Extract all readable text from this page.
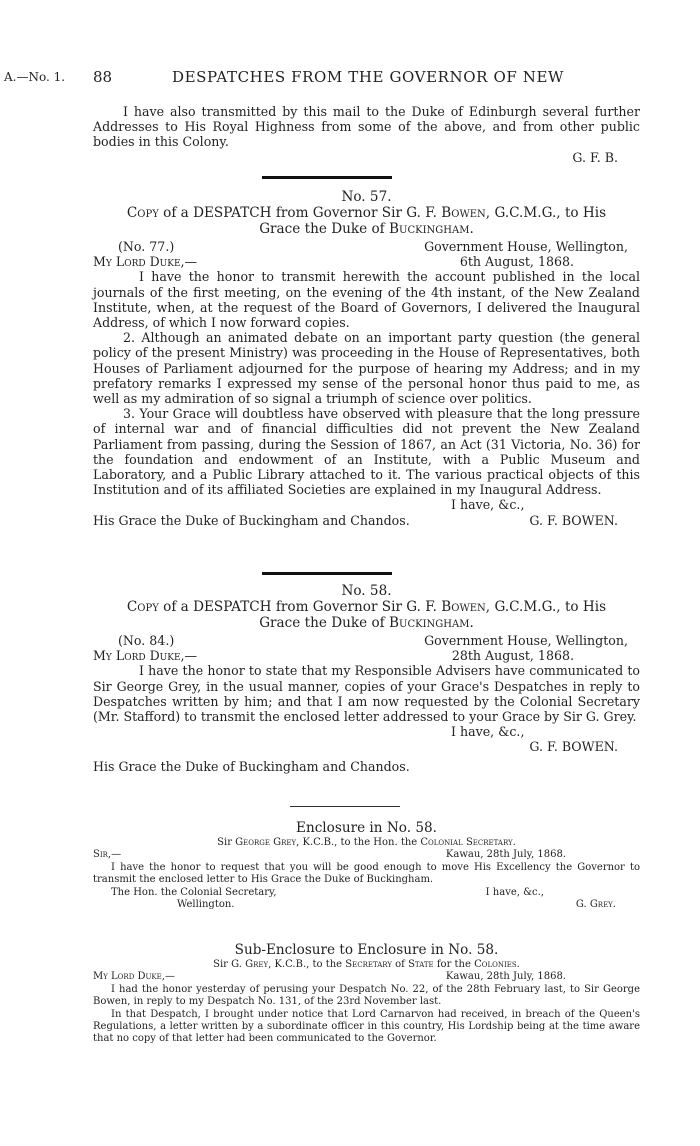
A.—No. 1. 88	DESPATCHES FROM THE GOVERNOR OF NEW

I have also transmitted by this mail to the Duke of Edinburgh several further Addresses to His Royal Highness from some of the above, and from other public bodies in this Colony.

G. F. B.
No. 57.
Copy of a DESPATCH from Governor Sir G. F. Bowen, G.C.M.G., to His Grace the Duke of Buckingham.
(No. 77.)	Government House, Wellington,
My Lord Duke,—	6th August, 1868.

I have the honor to transmit herewith the account published in the local journals of the first meeting, on the evening of the 4th instant, of the New Zealand Institute, when, at the request of the Board of Governors, I delivered the Inaugural Address, of which I now forward copies.

2. Although an animated debate on an important party question (the general policy of the present Ministry) was proceeding in the House of Representatives, both Houses of Parliament adjourned for the purpose of hearing my Address; and in my prefatory remarks I expressed my sense of the personal honor thus paid to me, as well as my admiration of so signal a triumph of science over politics.

3. Your Grace will doubtless have observed with pleasure that the long pressure of internal war and of financial difficulties did not prevent the New Zealand Parliament from passing, during the Session of 1867, an Act (31 Victoria, No. 36) for the foundation and endowment of an Institute, with a Public Museum and Laboratory, and a Public Library attached to it. The various practical objects of this Institution and of its affiliated Societies are explained in my Inaugural Address.

I have, &c.,
His Grace the Duke of Buckingham and Chandos.	G. F. BOWEN.
No. 58.
Copy of a DESPATCH from Governor Sir G. F. Bowen, G.C.M.G., to His Grace the Duke of Buckingham.
(No. 84.)	Government House, Wellington,
My Lord Duke,—	28th August, 1868.

I have the honor to state that my Responsible Advisers have communicated to Sir George Grey, in the usual manner, copies of your Grace's Despatches in reply to Despatches written by him; and that I am now requested by the Colonial Secretary (Mr. Stafford) to transmit the enclosed letter addressed to your Grace by Sir G. Grey.

I have, &c.,
G. F. BOWEN.
His Grace the Duke of Buckingham and Chandos.
Enclosure in No. 58.
Sir George Grey, K.C.B., to the Hon. the Colonial Secretary.
Sir,—	Kawau, 28th July, 1868.

I have the honor to request that you will be good enough to move His Excellency the Governor to transmit the enclosed letter to His Grace the Duke of Buckingham.

The Hon. the Colonial Secretary,	I have, &c.,
Wellington.	G. Grey.
Sub-Enclosure to Enclosure in No. 58.
Sir G. Grey, K.C.B., to the Secretary of State for the Colonies.
My Lord Duke,—	Kawau, 28th July, 1868.

I had the honor yesterday of perusing your Despatch No. 22, of the 28th February last, to Sir George Bowen, in reply to my Despatch No. 131, of the 23rd November last.

In that Despatch, I brought under notice that Lord Carnarvon had received, in breach of the Queen's Regulations, a letter written by a subordinate officer in this country, His Lordship being at the time aware that no copy of that letter had been communicated to the Governor.
